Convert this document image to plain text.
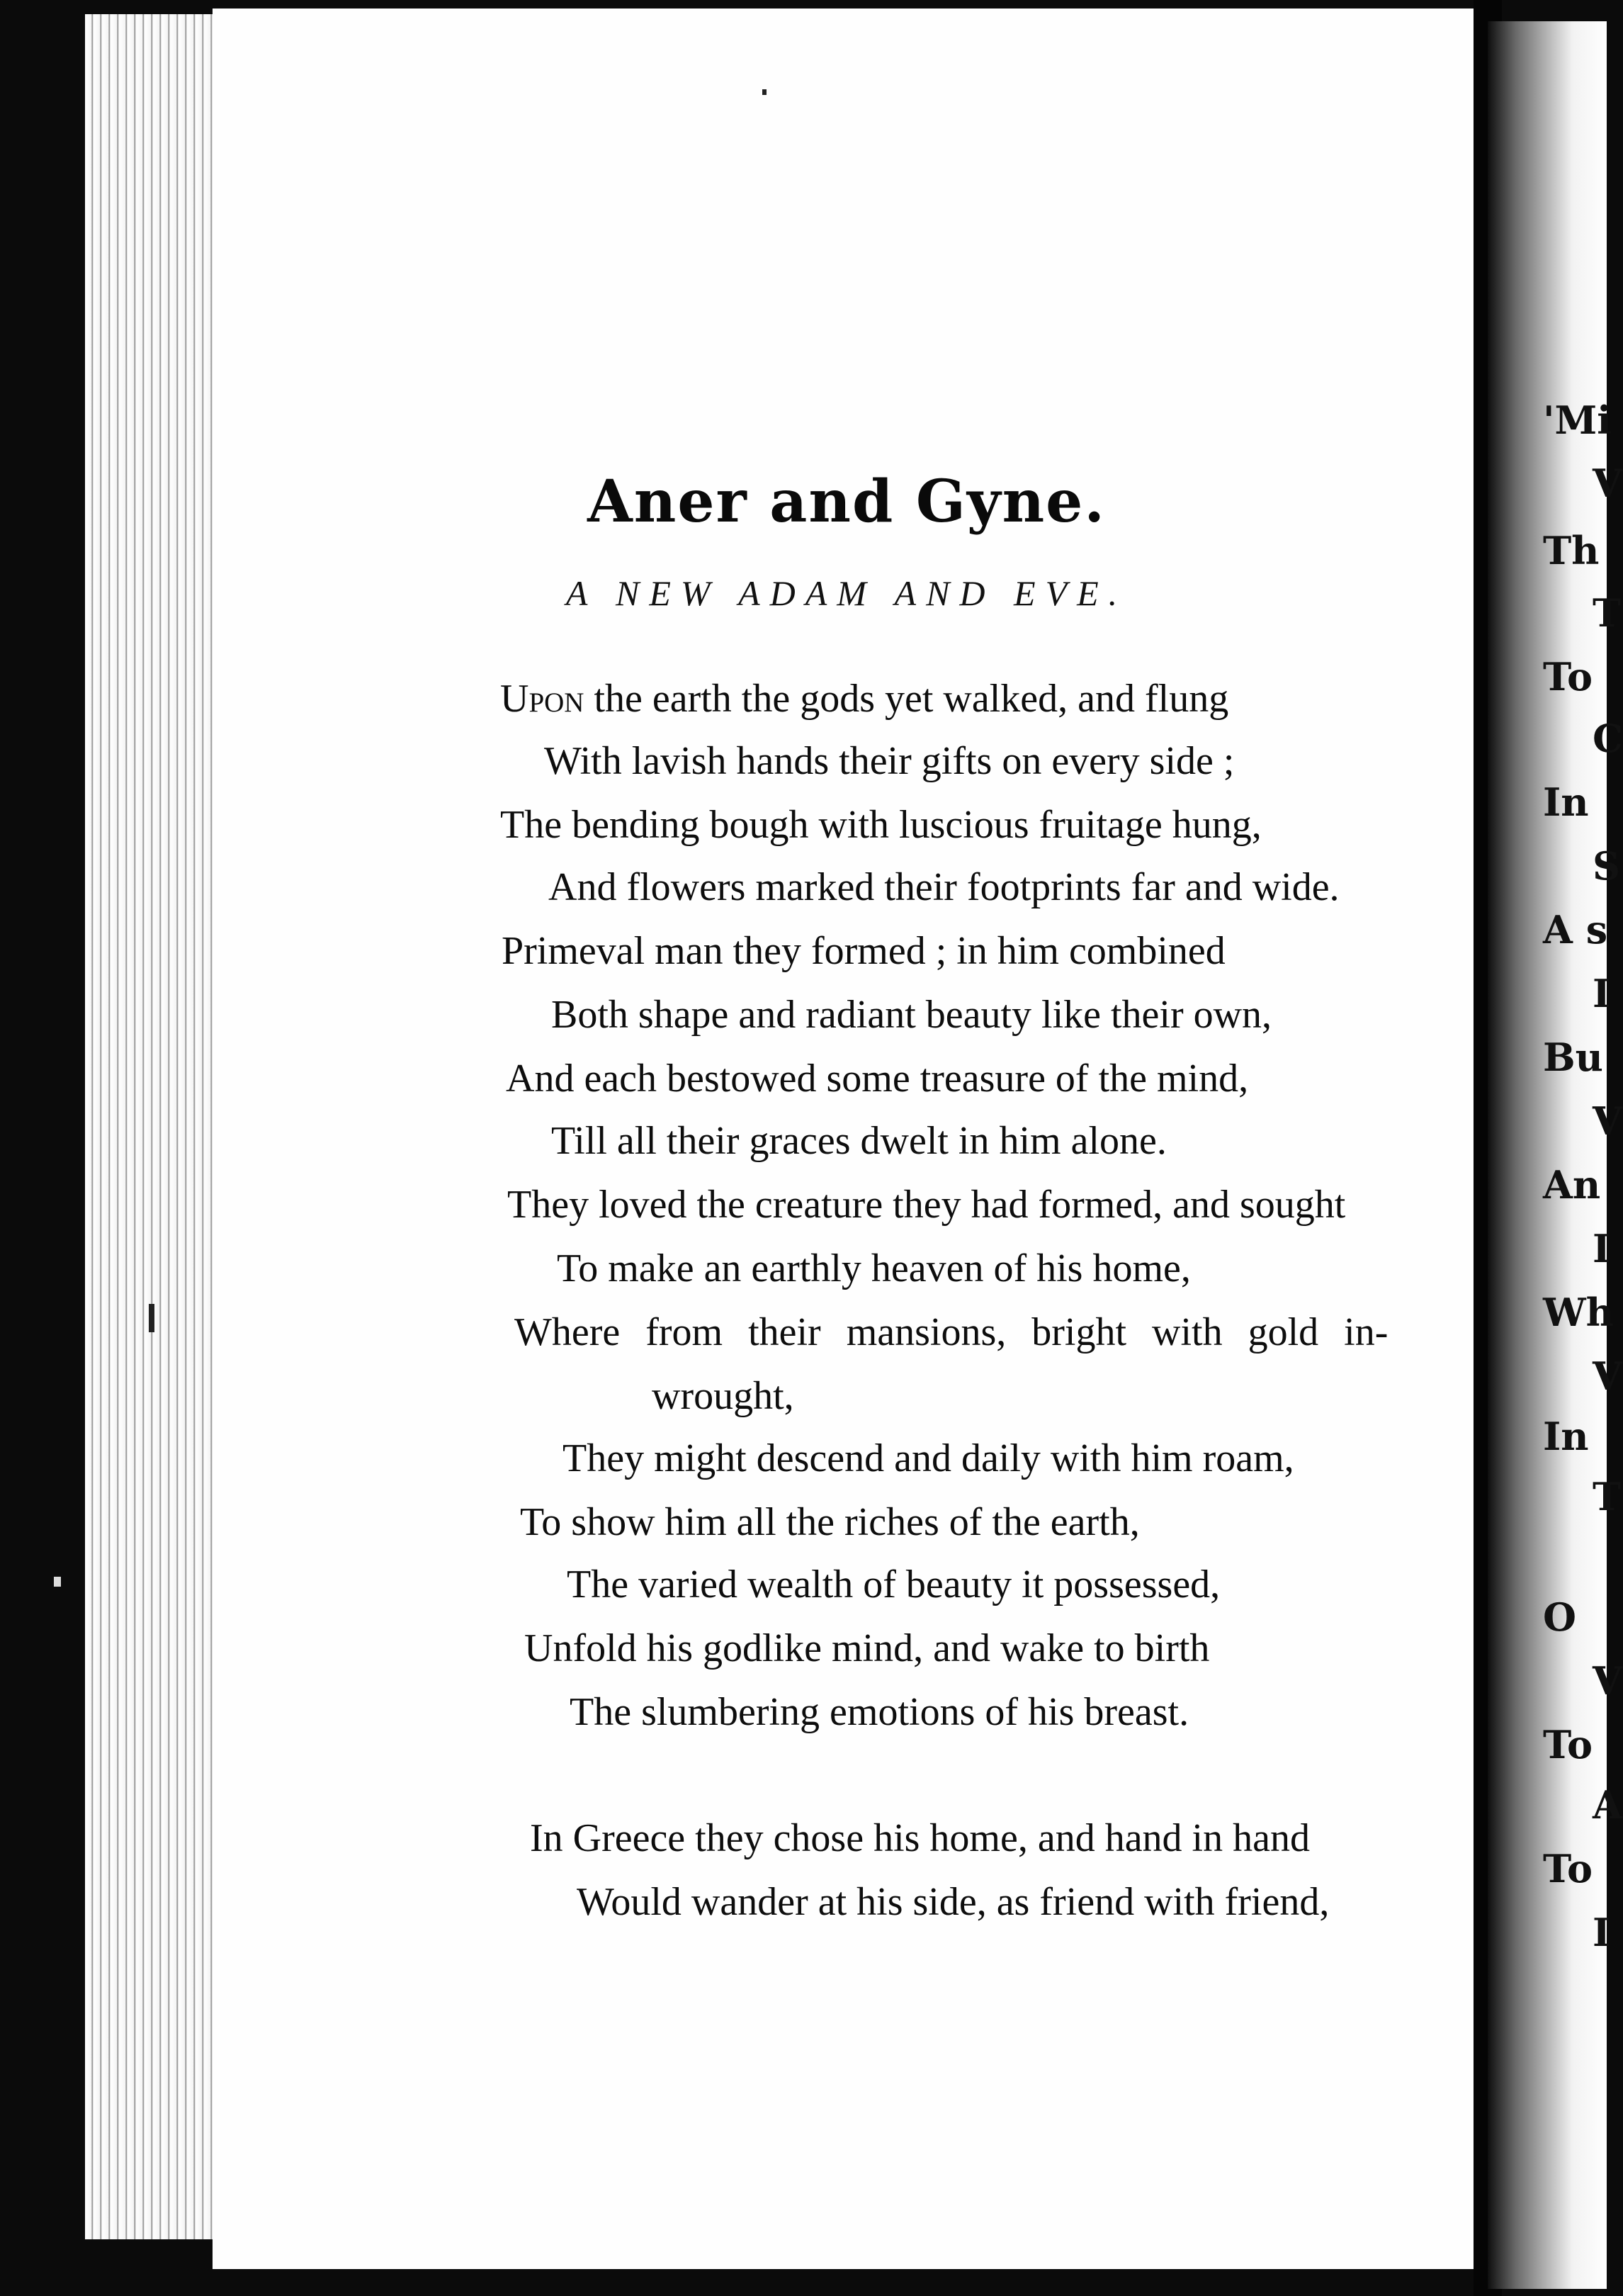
'Mi
V
Th
T
To
C
In
S
A s
I
Bu
V
An
I
Wh
V
In
T
O
V
To
A
To
I
Aner and Gyne.
A NEW ADAM AND EVE.
Upon the earth the gods yet walked, and flung
With lavish hands their gifts on every side ;
The bending bough with luscious fruitage hung,
And flowers marked their footprints far and wide.
Primeval man they formed ; in him combined
Both shape and radiant beauty like their own,
And each bestowed some treasure of the mind,
Till all their graces dwelt in him alone.
They loved the creature they had formed, and sought
To make an earthly heaven of his home,
Where from their mansions, bright with gold in-
wrought,
They might descend and daily with him roam,
To show him all the riches of the earth,
The varied wealth of beauty it possessed,
Unfold his godlike mind, and wake to birth
The slumbering emotions of his breast.
In Greece they chose his home, and hand in hand
Would wander at his side, as friend with friend,
